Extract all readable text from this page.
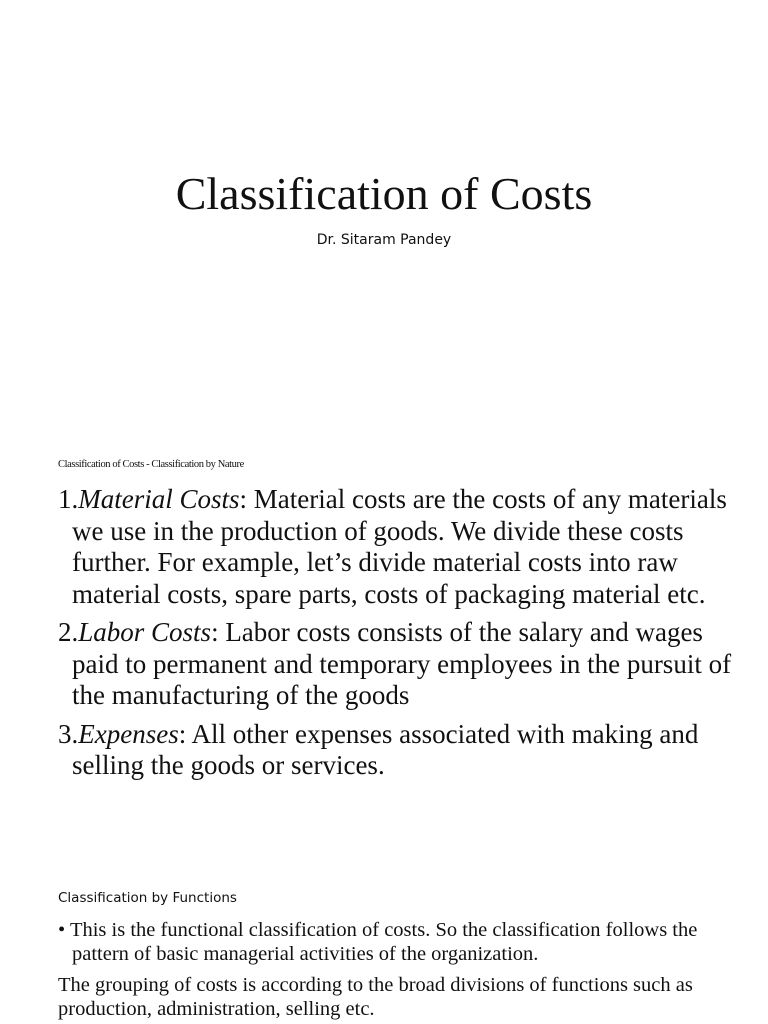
Classification of Costs
Dr. Sitaram Pandey
Classification of Costs - Classification by Nature
1.Material Costs: Material costs are the costs of any materials we use in the production of goods. We divide these costs further. For example, let’s divide material costs into raw material costs, spare parts, costs of packaging material etc.
2.Labor Costs: Labor costs consists of the salary and wages paid to permanent and temporary employees in the pursuit of the manufacturing of the goods
3.Expenses: All other expenses associated with making and selling the goods or services.
Classification by Functions
• This is the functional classification of costs. So the classification follows the pattern of basic managerial activities of the organization.
The grouping of costs is according to the broad divisions of functions such as production, administration, selling etc.
